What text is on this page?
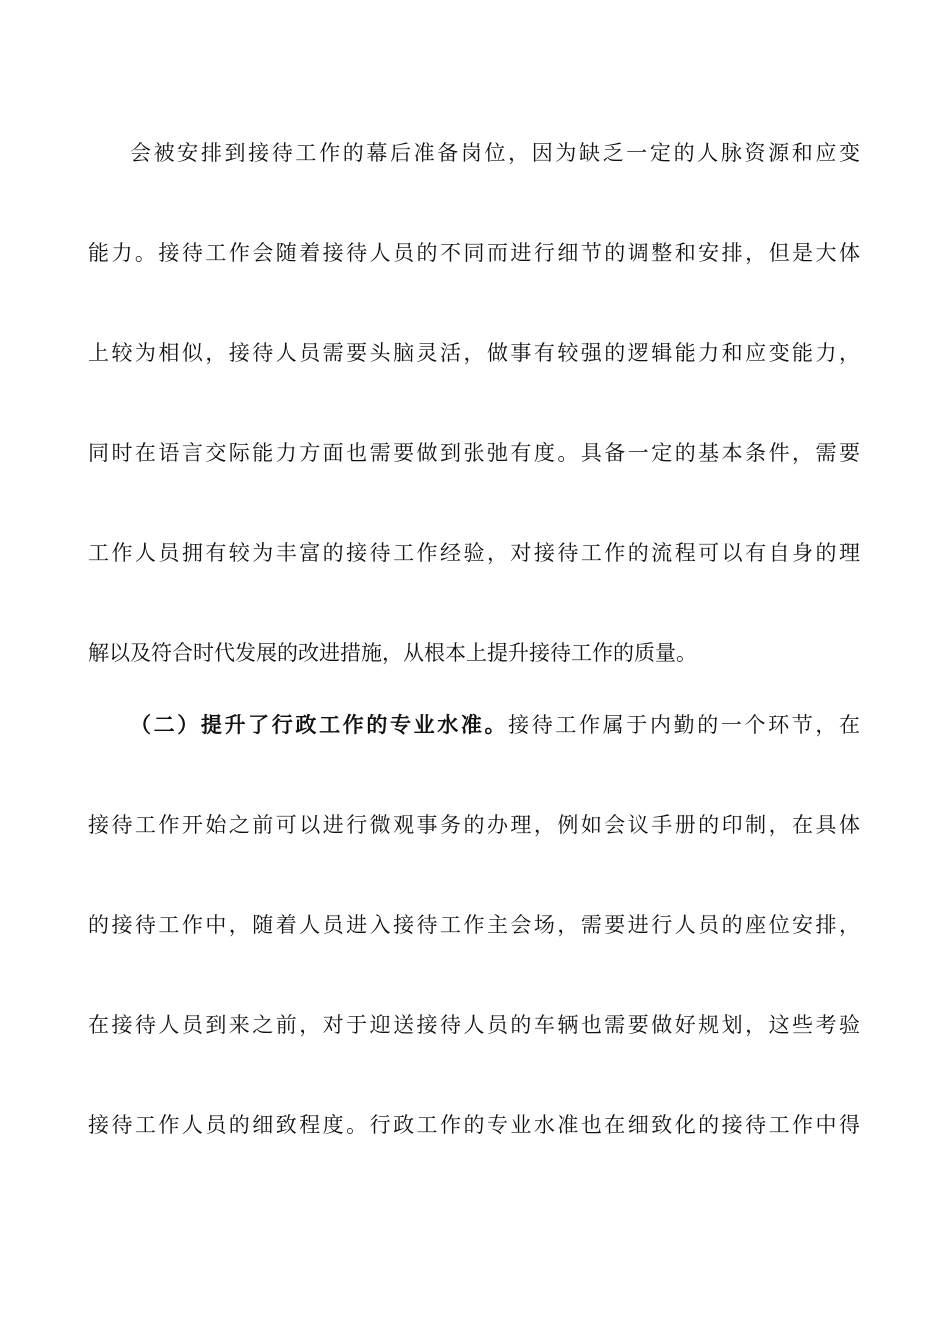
会被安排到接待工作的幕后准备岗位，因为缺乏一定的人脉资源和应变
能力。接待工作会随着接待人员的不同而进行细节的调整和安排，但是大体
上较为相似，接待人员需要头脑灵活，做事有较强的逻辑能力和应变能力，
同时在语言交际能力方面也需要做到张弛有度。具备一定的基本条件，需要
工作人员拥有较为丰富的接待工作经验，对接待工作的流程可以有自身的理
解以及符合时代发展的改进措施，从根本上提升接待工作的质量。
（二）提升了行政工作的专业水准。接待工作属于内勤的一个环节，在
接待工作开始之前可以进行微观事务的办理，例如会议手册的印制，在具体
的接待工作中，随着人员进入接待工作主会场，需要进行人员的座位安排，
在接待人员到来之前，对于迎送接待人员的车辆也需要做好规划，这些考验
接待工作人员的细致程度。行政工作的专业水准也在细致化的接待工作中得
